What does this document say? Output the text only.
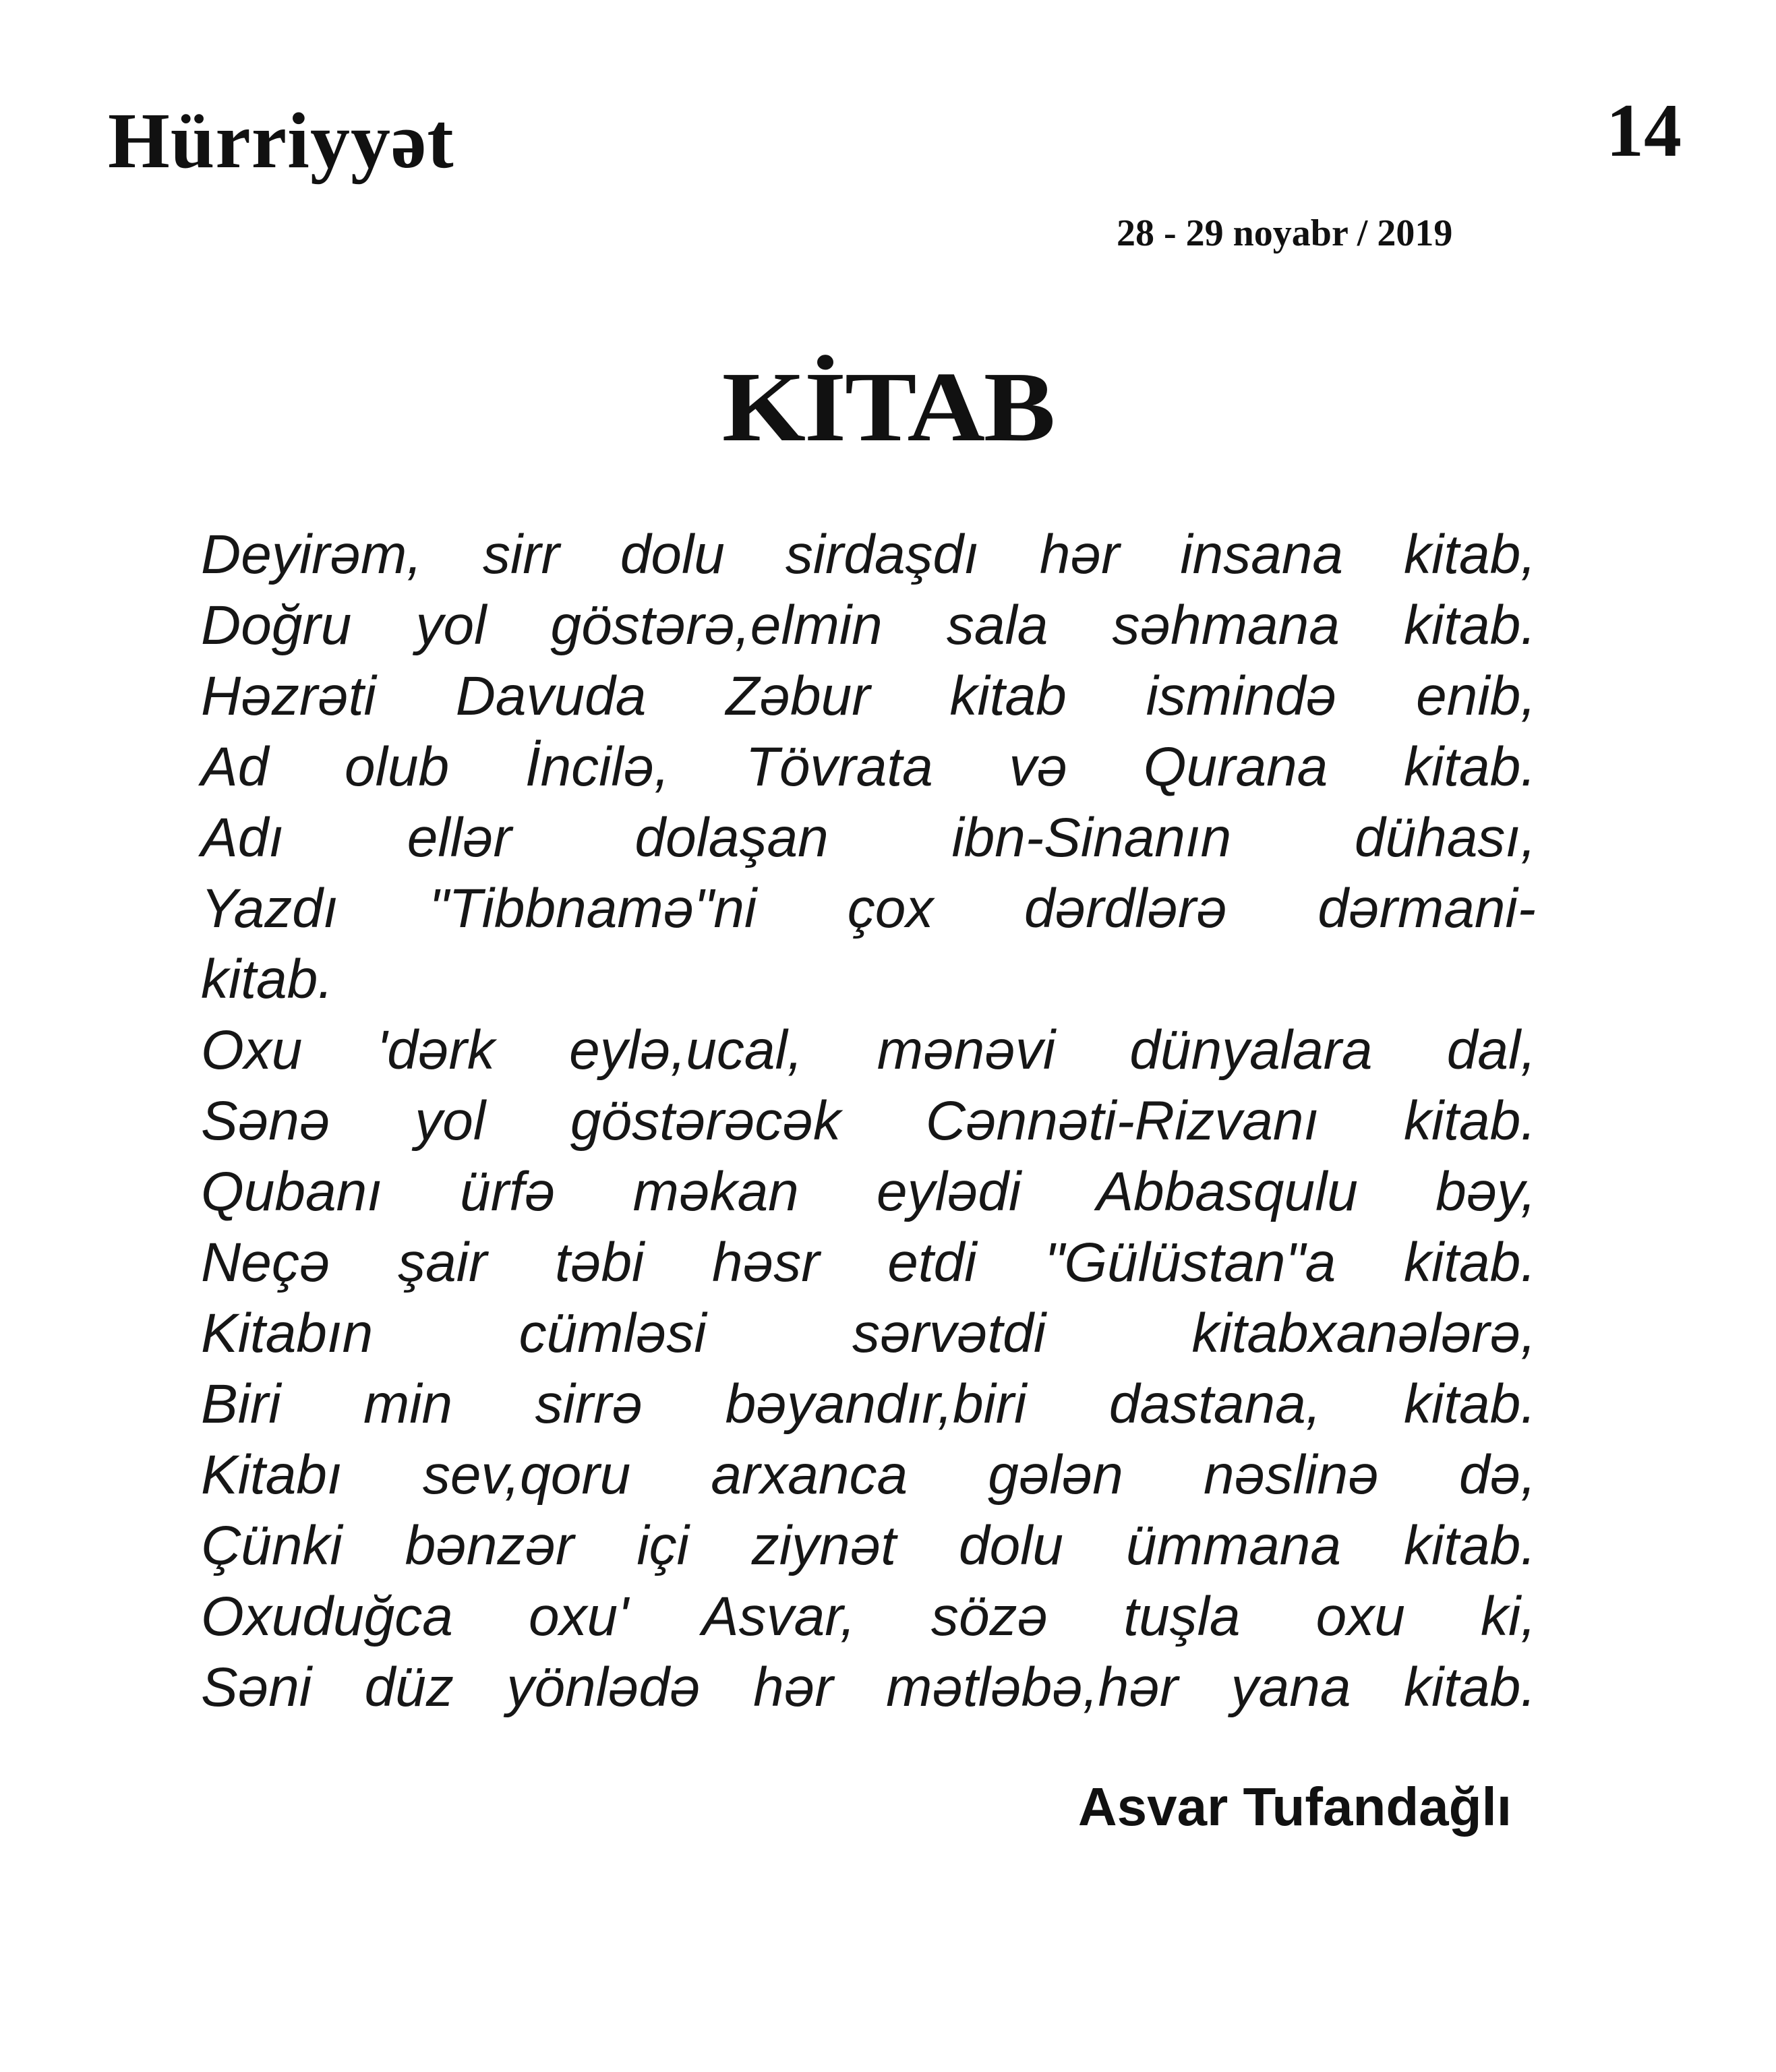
Hürriyyət	14
28 - 29 noyabr / 2019
KİTAB
Deyirəm, sirr dolu sirdaşdı hər insana kitab,
Doğru yol göstərə,elmin sala səhmana kitab.
Həzrəti Davuda Zəbur kitab ismində enib,
Ad olub İncilə, Tövrata və Qurana kitab.
Adı ellər dolaşan ibn-Sinanın dühası,
Yazdı "Tibbnamə"ni çox dərdlərə dərmani-
kitab.
Oxu 'dərk eylə,ucal, mənəvi dünyalara dal,
Sənə yol göstərəcək Cənnəti-Rizvanı kitab.
Qubanı ürfə məkan eylədi Abbasqulu bəy,
Neçə şair təbi həsr etdi "Gülüstan"a kitab.
Kitabın cümləsi sərvətdi kitabxanələrə,
Biri min sirrə bəyandır,biri dastana, kitab.
Kitabı sev,qoru arxanca gələn nəslinə də,
Çünki bənzər içi ziynət dolu ümmana kitab.
Oxuduğca oxu' Asvar, sözə tuşla oxu ki,
Səni düz yönlədə hər mətləbə,hər yana kitab.
Asvar Tufandağlı
